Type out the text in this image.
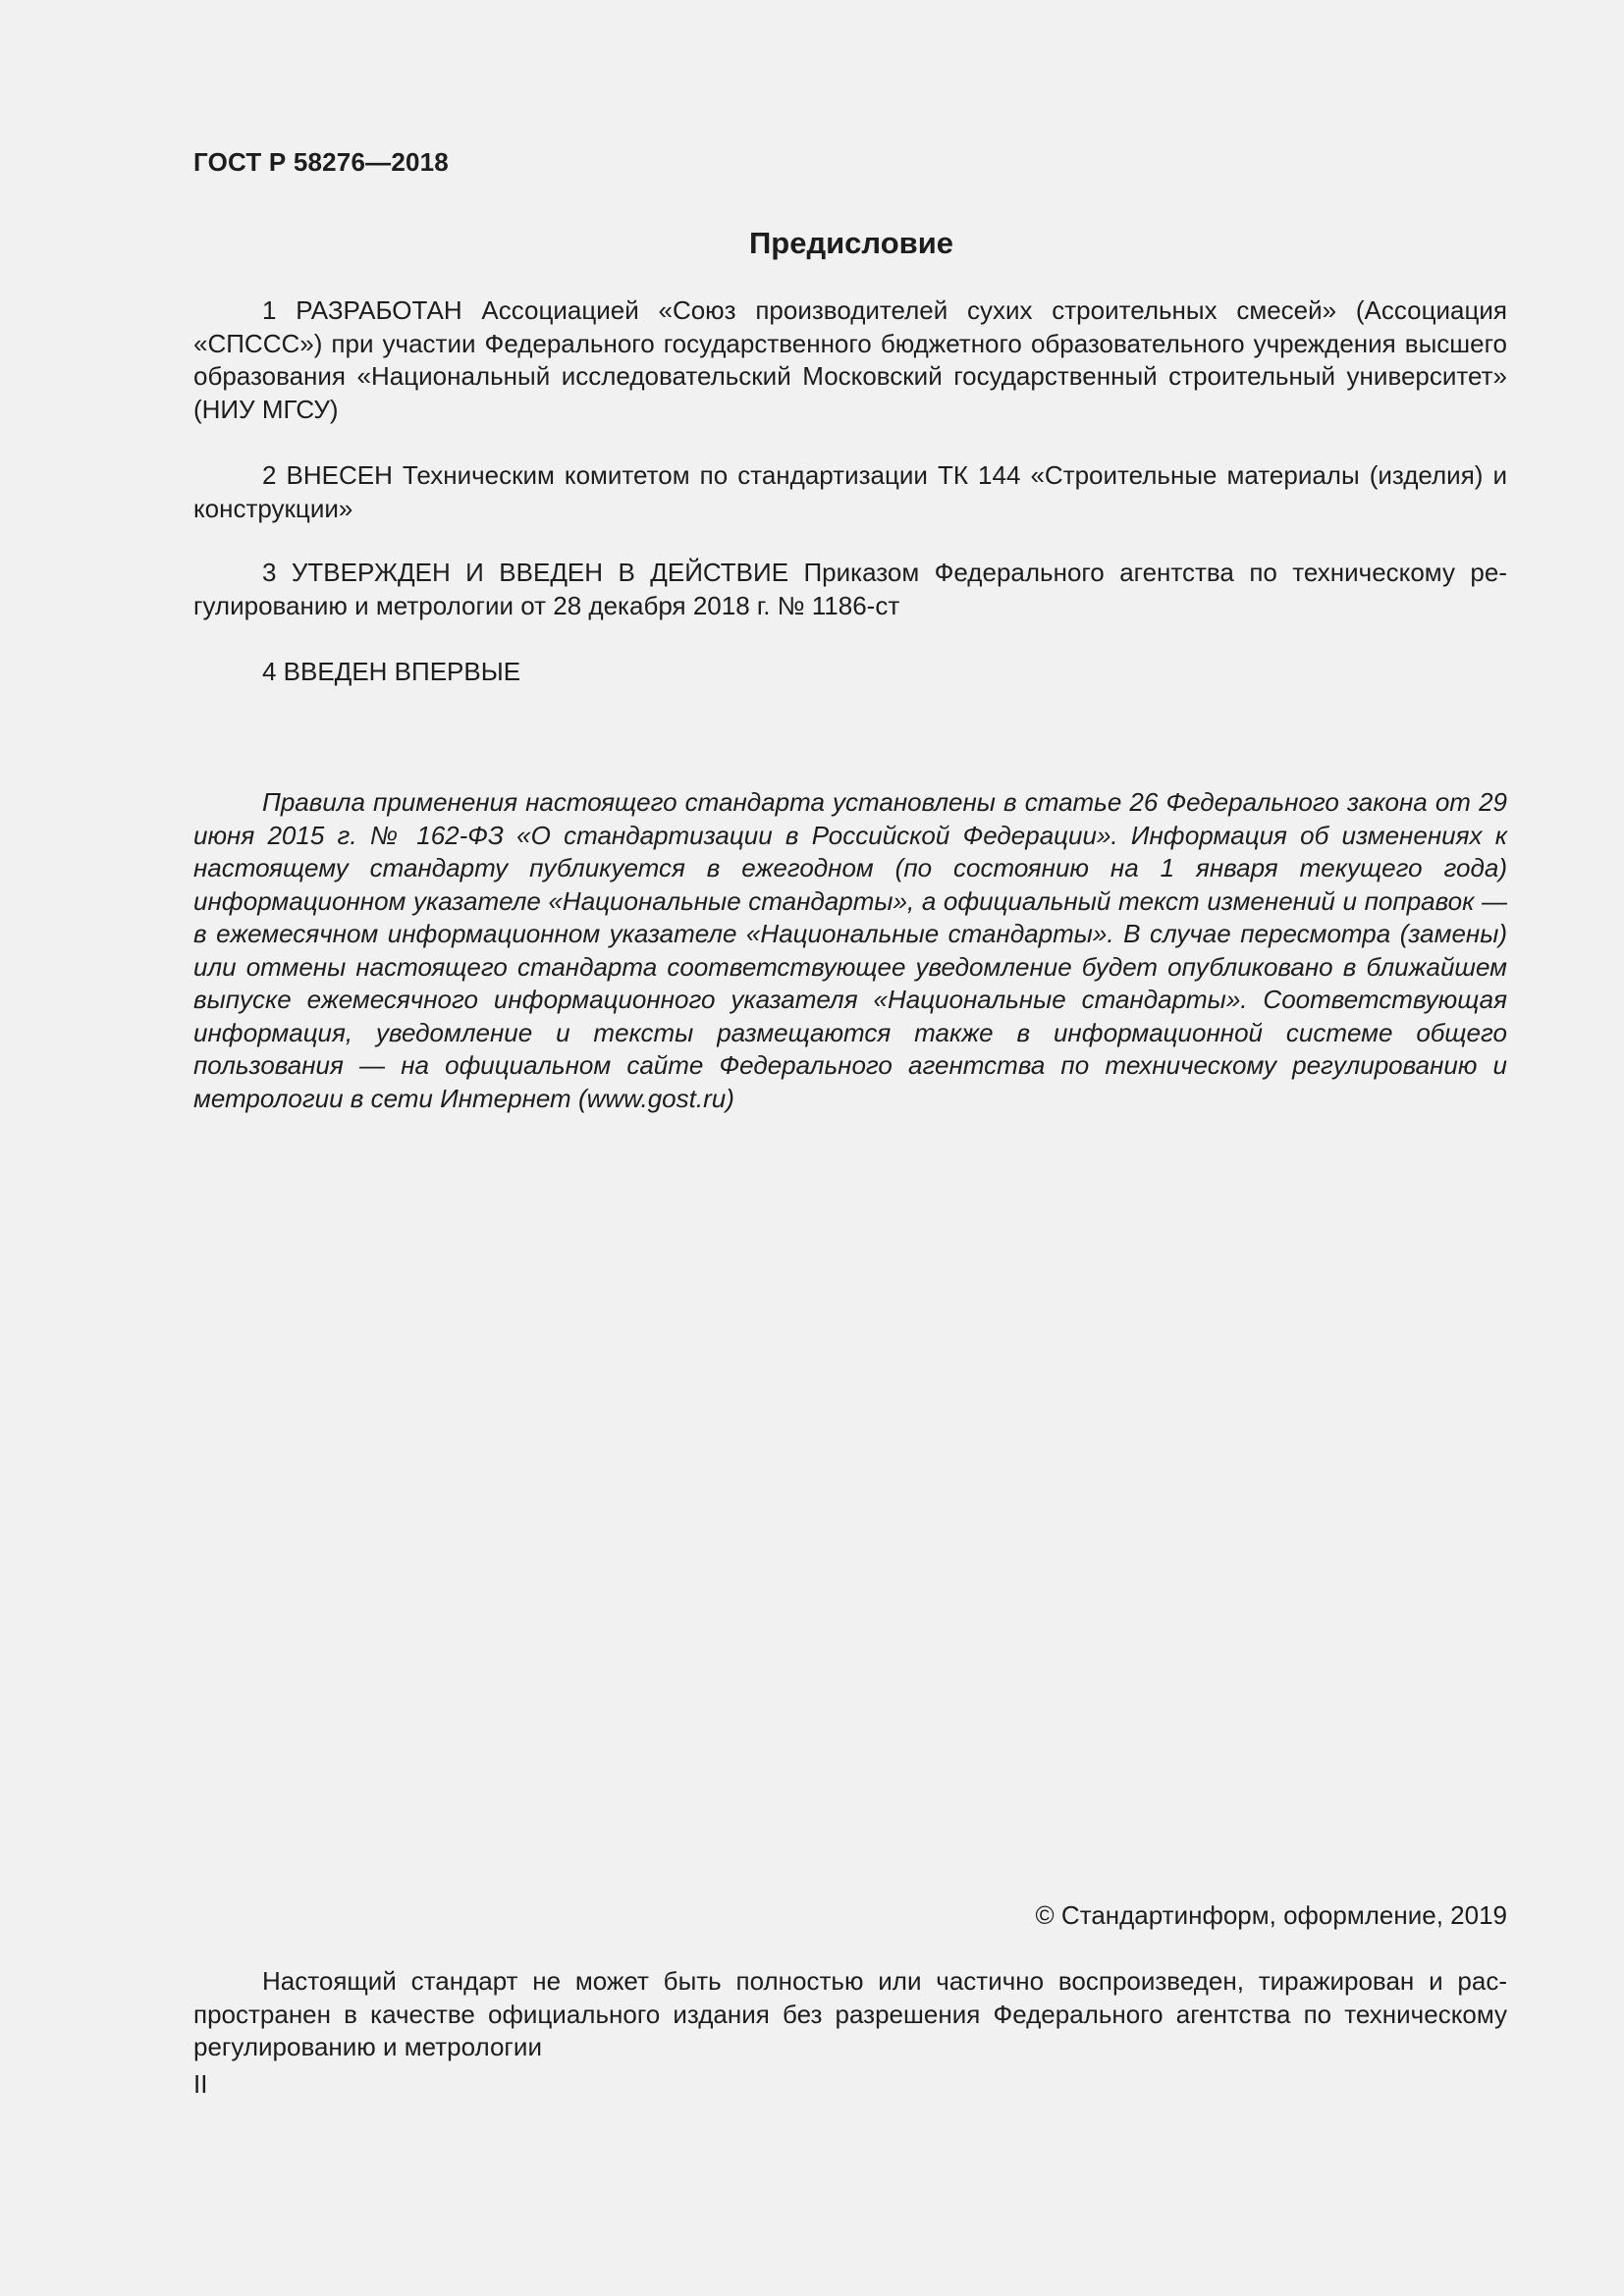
ГОСТ Р 58276—2018
Предисловие

1 РАЗРАБОТАН Ассоциацией «Союз производителей сухих строительных смесей» (Ассоциация «СПССС») при участии Федерального государственного бюджетного образовательного учреждения высшего образования «Национальный исследовательский Московский государственный строительный университет» (НИУ МГСУ)

2 ВНЕСЕН Техническим комитетом по стандартизации ТК 144 «Строительные материалы (изделия) и конструкции»

3 УТВЕРЖДЕН И ВВЕДЕН В ДЕЙСТВИЕ Приказом Федерального агентства по техническому регулированию и метрологии от 28 декабря 2018 г. № 1186-ст

4 ВВЕДЕН ВПЕРВЫЕ

Правила применения настоящего стандарта установлены в статье 26 Федерального закона от 29 июня 2015 г. № 162-ФЗ «О стандартизации в Российской Федерации». Информация об изменениях к настоящему стандарту публикуется в ежегодном (по состоянию на 1 января текущего года) информационном указателе «Национальные стандарты», а официальный текст изменений и поправок — в ежемесячном информационном указателе «Национальные стандарты». В случае пересмотра (замены) или отмены настоящего стандарта соответствующее уведомление будет опубликовано в ближайшем выпуске ежемесячного информационного указателя «Национальные стандарты». Соответствующая информация, уведомление и тексты размещаются также в информационной системе общего пользования — на официальном сайте Федерального агентства по техническому регулированию и метрологии в сети Интернет (www.gost.ru)

© Стандартинформ, оформление, 2019

Настоящий стандарт не может быть полностью или частично воспроизведен, тиражирован и распространен в качестве официального издания без разрешения Федерального агентства по техническому регулированию и метрологии

II
